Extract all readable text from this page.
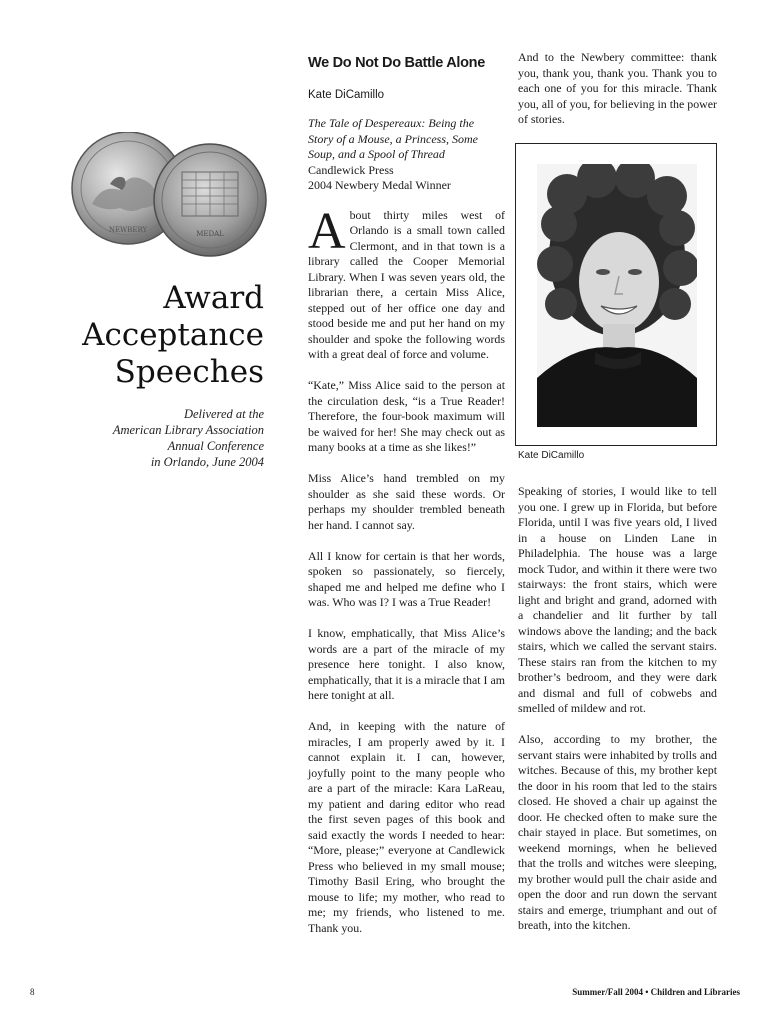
NEWBERY	MEDAL
Award
Acceptance
Speeches
Delivered at the
American Library Association
Annual Conference
in Orlando, June 2004
We Do Not Do Battle Alone
Kate DiCamillo
The Tale of Despereaux: Being the
Story of a Mouse, a Princess, Some
Soup, and a Spool of Thread
Candlewick Press
2004 Newbery Medal Winner

About thirty miles west of Orlando is a small town called Clermont, and in that town is a library called the Cooper Memorial Library. When I was seven years old, the librarian there, a certain Miss Alice, stepped out of her office one day and stood beside me and put her hand on my shoulder and spoke the following words with a great deal of force and volume.

“Kate,” Miss Alice said to the person at the circulation desk, “is a True Reader! Therefore, the four-book maximum will be waived for her! She may check out as many books at a time as she likes!”

Miss Alice’s hand trembled on my shoulder as she said these words. Or perhaps my shoulder trembled beneath her hand. I cannot say.

All I know for certain is that her words, spoken so passionately, so fiercely, shaped me and helped me define who I was. Who was I? I was a True Reader!

I know, emphatically, that Miss Alice’s words are a part of the miracle of my presence here tonight. I also know, emphatically, that it is a miracle that I am here tonight at all.

And, in keeping with the nature of miracles, I am properly awed by it. I cannot explain it. I can, however, joyfully point to the many people who are a part of the miracle: Kara LaReau, my patient and daring editor who read the first seven pages of this book and said exactly the words I needed to hear: “More, please;” everyone at Candlewick Press who believed in my small mouse; Timothy Basil Ering, who brought the mouse to life; my mother, who read to me; my friends, who listened to me. Thank you.

And to the Newbery committee: thank you, thank you, thank you. Thank you to each one of you for this miracle. Thank you, all of you, for believing in the power of stories.

Kate DiCamillo

Speaking of stories, I would like to tell you one. I grew up in Florida, but before Florida, until I was five years old, I lived in a house on Linden Lane in Philadelphia. The house was a large mock Tudor, and within it there were two stairways: the front stairs, which were light and bright and grand, adorned with a chandelier and lit further by tall windows above the landing; and the back stairs, which we called the servant stairs. These stairs ran from the kitchen to my brother’s bedroom, and they were dark and dismal and full of cobwebs and smelled of mildew and rot.

Also, according to my brother, the servant stairs were inhabited by trolls and witches. Because of this, my brother kept the door in his room that led to the stairs closed. He shoved a chair up against the door. He checked often to make sure the chair stayed in place. But sometimes, on weekend mornings, when he believed that the trolls and witches were sleeping, my brother would pull the chair aside and open the door and run down the servant stairs and emerge, triumphant and out of breath, into the kitchen.

8	Summer/Fall 2004 • Children and Libraries
